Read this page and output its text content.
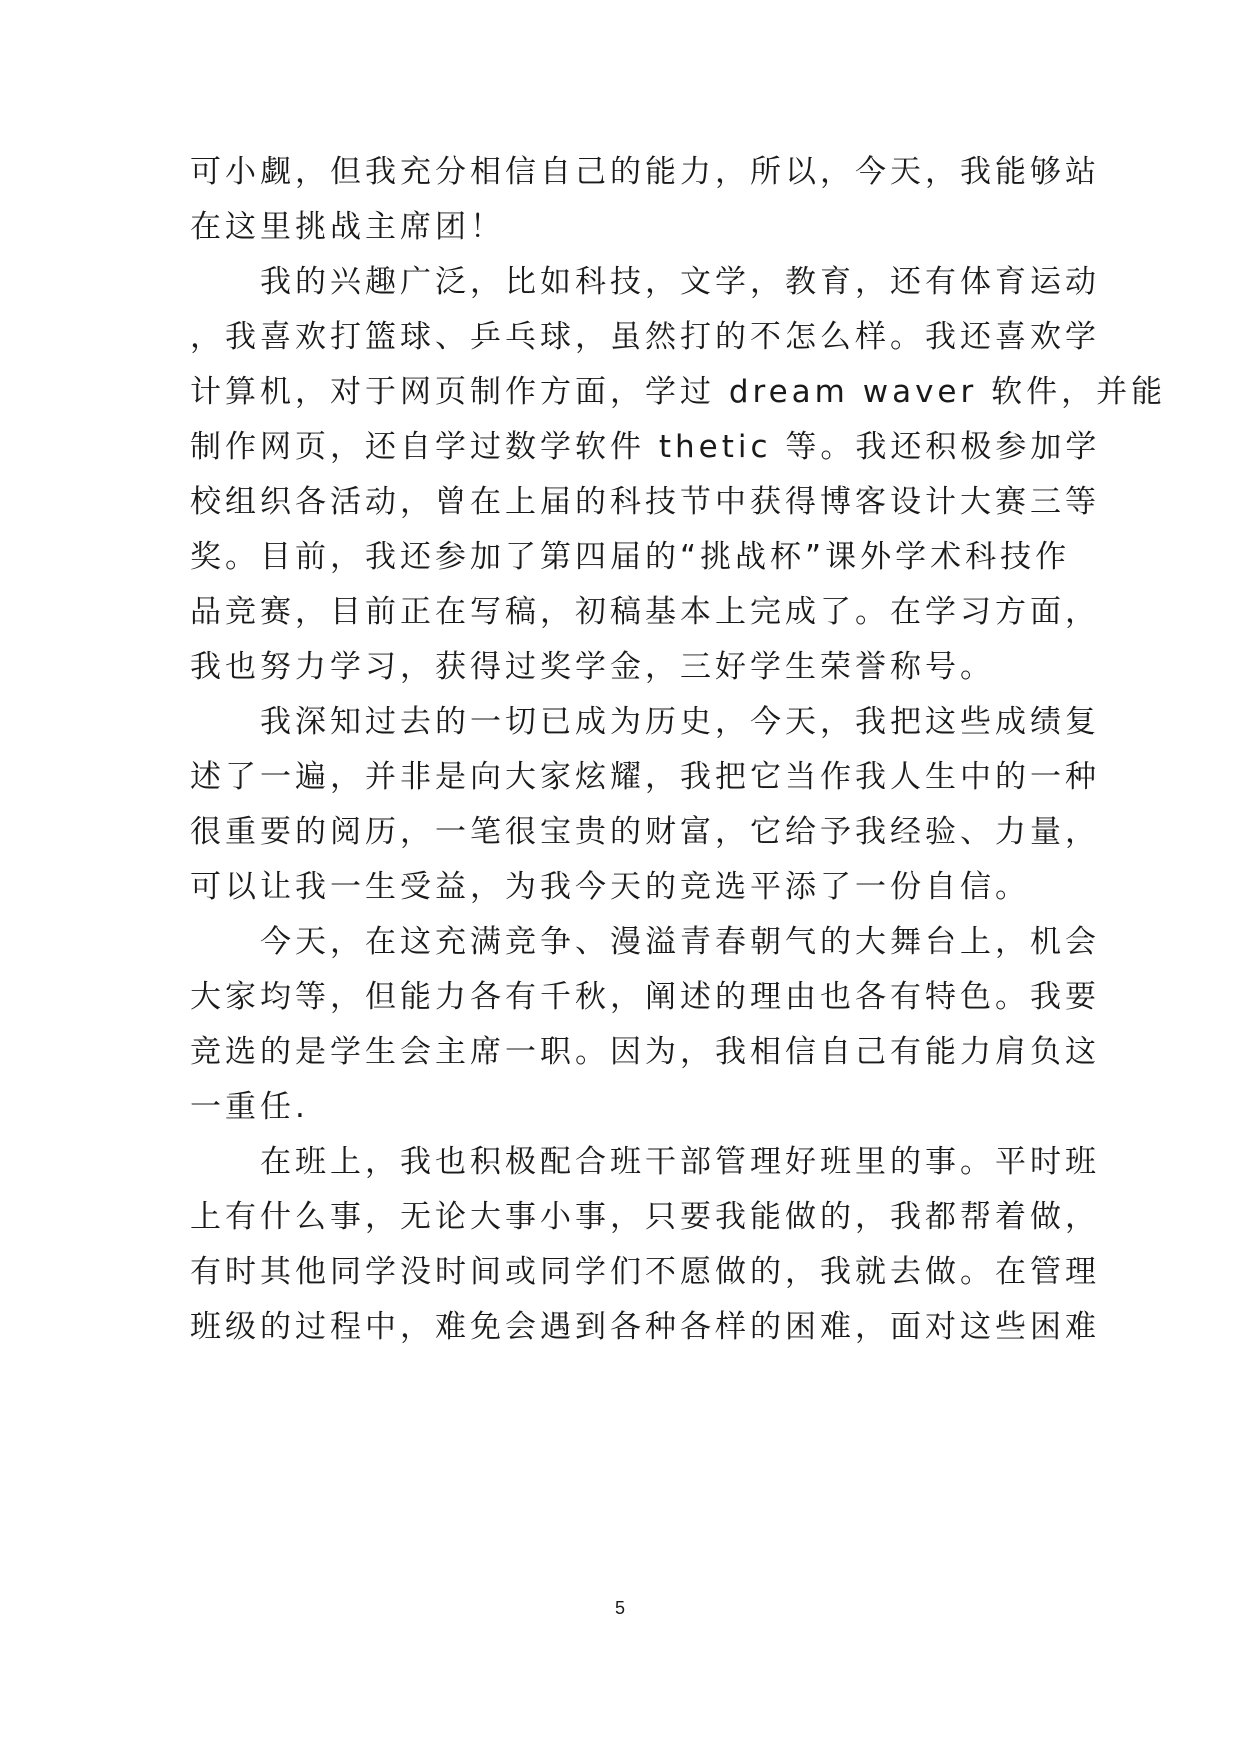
可小觑，但我充分相信自己的能力，所以，今天，我能够站

在这里挑战主席团！

　　我的兴趣广泛，比如科技，文学，教育，还有体育运动

，我喜欢打篮球、乒乓球，虽然打的不怎么样。我还喜欢学

计算机，对于网页制作方面，学过 dream waver 软件，并能

制作网页，还自学过数学软件 thetic 等。我还积极参加学

校组织各活动，曾在上届的科技节中获得博客设计大赛三等

奖。目前，我还参加了第四届的“挑战杯”课外学术科技作

品竞赛，目前正在写稿，初稿基本上完成了。在学习方面，

我也努力学习，获得过奖学金，三好学生荣誉称号。

　　我深知过去的一切已成为历史，今天，我把这些成绩复

述了一遍，并非是向大家炫耀，我把它当作我人生中的一种

很重要的阅历，一笔很宝贵的财富，它给予我经验、力量，

可以让我一生受益，为我今天的竞选平添了一份自信。

　　今天，在这充满竞争、漫溢青春朝气的大舞台上，机会

大家均等，但能力各有千秋，阐述的理由也各有特色。我要

竞选的是学生会主席一职。因为，我相信自己有能力肩负这

一重任.

　　在班上，我也积极配合班干部管理好班里的事。平时班

上有什么事，无论大事小事，只要我能做的，我都帮着做，

有时其他同学没时间或同学们不愿做的，我就去做。在管理

班级的过程中，难免会遇到各种各样的困难，面对这些困难

5
